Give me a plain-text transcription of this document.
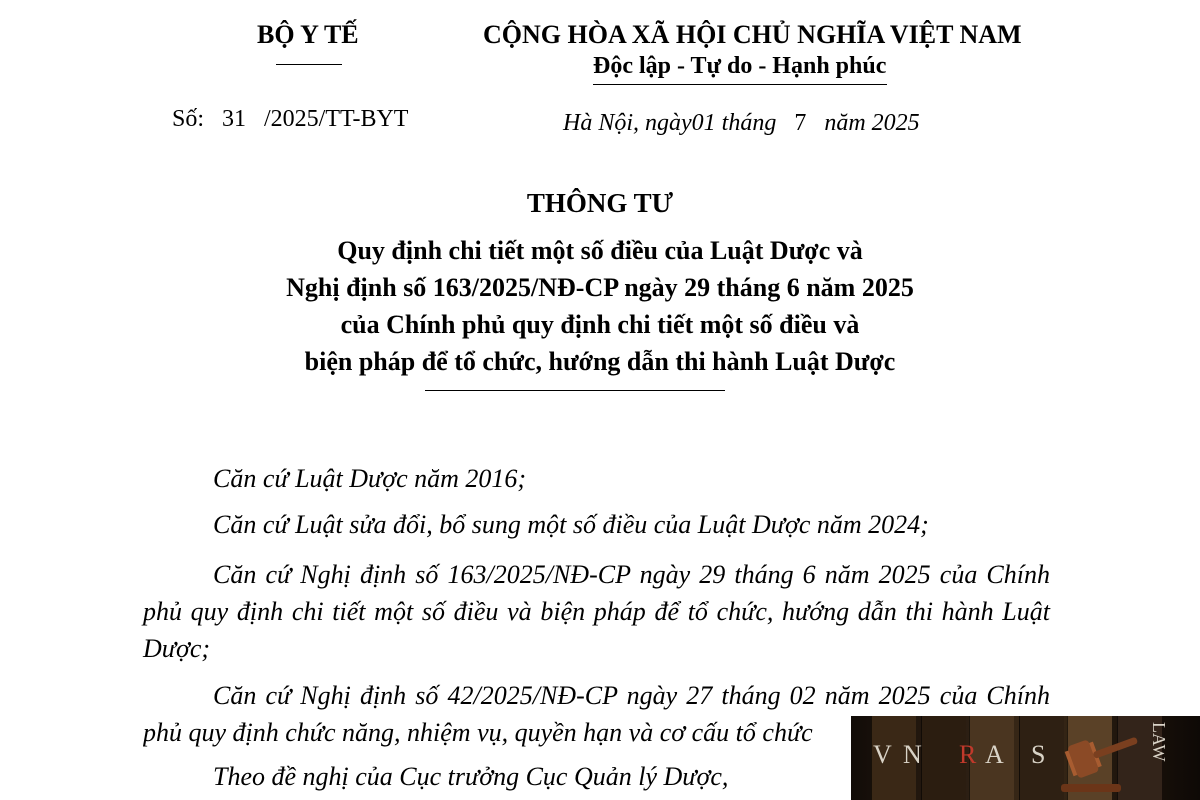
BỘ Y TẾ	CỘNG HÒA XÃ HỘI CHỦ NGHĨA VIỆT NAM
Độc lập - Tự do - Hạnh phúc
Số: 31 /2025/TT-BYT	Hà Nội, ngày01 tháng 7 năm 2025
THÔNG TƯ
Quy định chi tiết một số điều của Luật Dược và
Nghị định số 163/2025/NĐ-CP ngày 29 tháng 6 năm 2025
của Chính phủ quy định chi tiết một số điều và
biện pháp để tổ chức, hướng dẫn thi hành Luật Dược
Căn cứ Luật Dược năm 2016;
Căn cứ Luật sửa đổi, bổ sung một số điều của Luật Dược năm 2024;
Căn cứ Nghị định số 163/2025/NĐ-CP ngày 29 tháng 6 năm 2025 của Chính phủ quy định chi tiết một số điều và biện pháp để tổ chức, hướng dẫn thi hành Luật Dược;
Căn cứ Nghị định số 42/2025/NĐ-CP ngày 27 tháng 02 năm 2025 của Chính phủ quy định chức năng, nhiệm vụ, quyền hạn và cơ cấu tổ chức
Theo đề nghị của Cục trưởng Cục Quản lý Dược,
V N R A S	LAW
